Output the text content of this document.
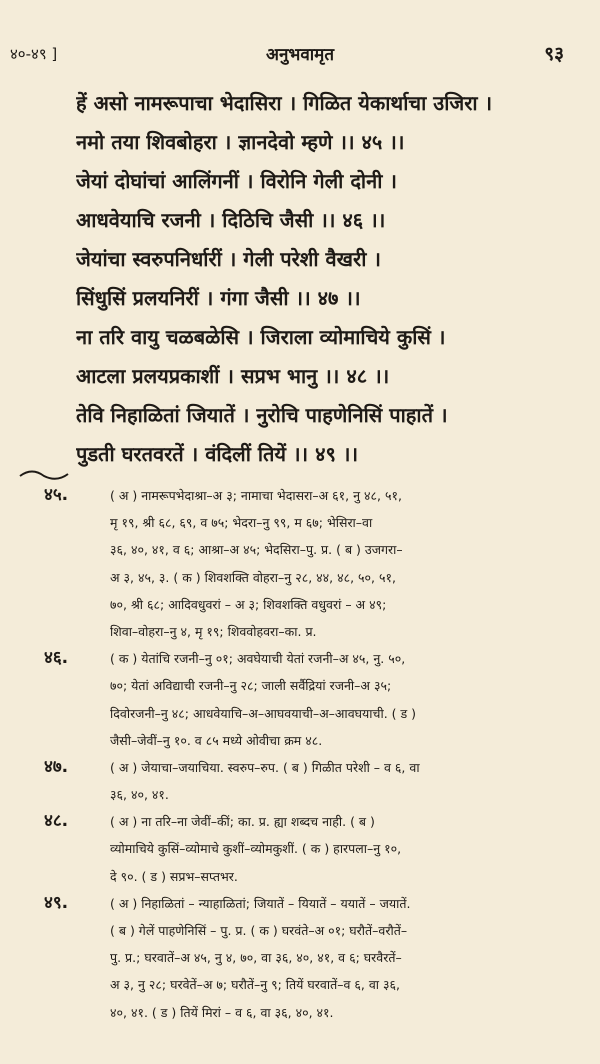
४०-४९ ]	अनुभवामृत	९३
हें असो नामरूपाचा भेदासिरा । गिळित येकार्थाचा उजिरा ।
नमो तया शिवबोहरा । ज्ञानदेवो म्हणे ।। ४५ ।।
जेयां दोघांचां आलिंगनीं । विरोनि गेली दोनी ।
आधवेयाचि रजनी । दिठिचि जैसी ।। ४६ ।।
जेयांचा स्वरुपनिर्धारीं । गेली परेशी वैखरी ।
सिंधुसिं प्रलयनिरीं । गंगा जैसी ।। ४७ ।।
ना तरि वायु चळबळेसि । जिराला व्योमाचिये कुसिं ।
आटला प्रलयप्रकाशीं । सप्रभ भानु ।। ४८ ।।
तेवि निहाळितां जियातें । नुरोचि पाहणेनिसिं पाहातें ।
पुडती घरतवरतें । वंदिलीं तियें ।। ४९ ।।
४५.	( अ ) नामरूपभेदाश्रा–अ ३; नामाचा भेदासरा–अ ६१, नु ४८, ५१,
मृ १९, श्री ६८, ६९, व ७५; भेदरा–नु ९९, म ६७; भेसिरा–वा
३६, ४०, ४१, व ६; आश्रा–अ ४५; भेदसिरा–पु. प्र. ( ब ) उजगरा–
अ ३, ४५, ३. ( क ) शिवशक्ति वोहरा–नु २८, ४४, ४८, ५०, ५१,
७०, श्री ६८; आदिवधुवरां – अ ३; शिवशक्ति वधुवरां – अ ४९;
शिवा–वोहरा–नु ४, मृ १९; शिववोहवरा–का. प्र.
४६.	( क ) येतांचि रजनी–नु ०१; अवघेयाची येतां रजनी–अ ४५, नु. ५०,
७०; येतां अविद्याची रजनी–नु २८; जाली सर्वैद्रियां रजनी–अ ३५;
दिवोरजनी–नु ४८; आधवेयाचि–अ–आघवयाची–अ–आवघयाची. ( ड )
जैसी–जेवीं–नु १०. व ८५ मध्ये ओवीचा क्रम ४८.
४७.	( अ ) जेयाचा–जयाचिया. स्वरुप–रुप. ( ब ) गिळीत परेशी – व ६, वा
३६, ४०, ४१.
४८.	( अ ) ना तरि–ना जेवीं–कीं; का. प्र. ह्या शब्दच नाही. ( ब )
व्योमाचिये कुसिं–व्योमाचे कुशीं–व्योमकुशीं. ( क ) हारपला–नु १०,
दे ९०. ( ड ) सप्रभ–सप्तभर.
४९.	( अ ) निहाळितां – न्याहाळितां; जियातें – यियातें – ययातें – जयातें.
( ब ) गेलें पाहणेनिसिं – पु. प्र. ( क ) घरवंते–अ ०१; घरौतें–वरौतें–
पु. प्र.; घरवातें–अ ४५, नु ४, ७०, वा ३६, ४०, ४१, व ६; घरवैरतें–
अ ३, नु २८; घरवेतें–अ ७; घरौतें–नु ९; तियें घरवातें–व ६, वा ३६,
४०, ४१. ( ड ) तियें मिरां – व ६, वा ३६, ४०, ४१.
